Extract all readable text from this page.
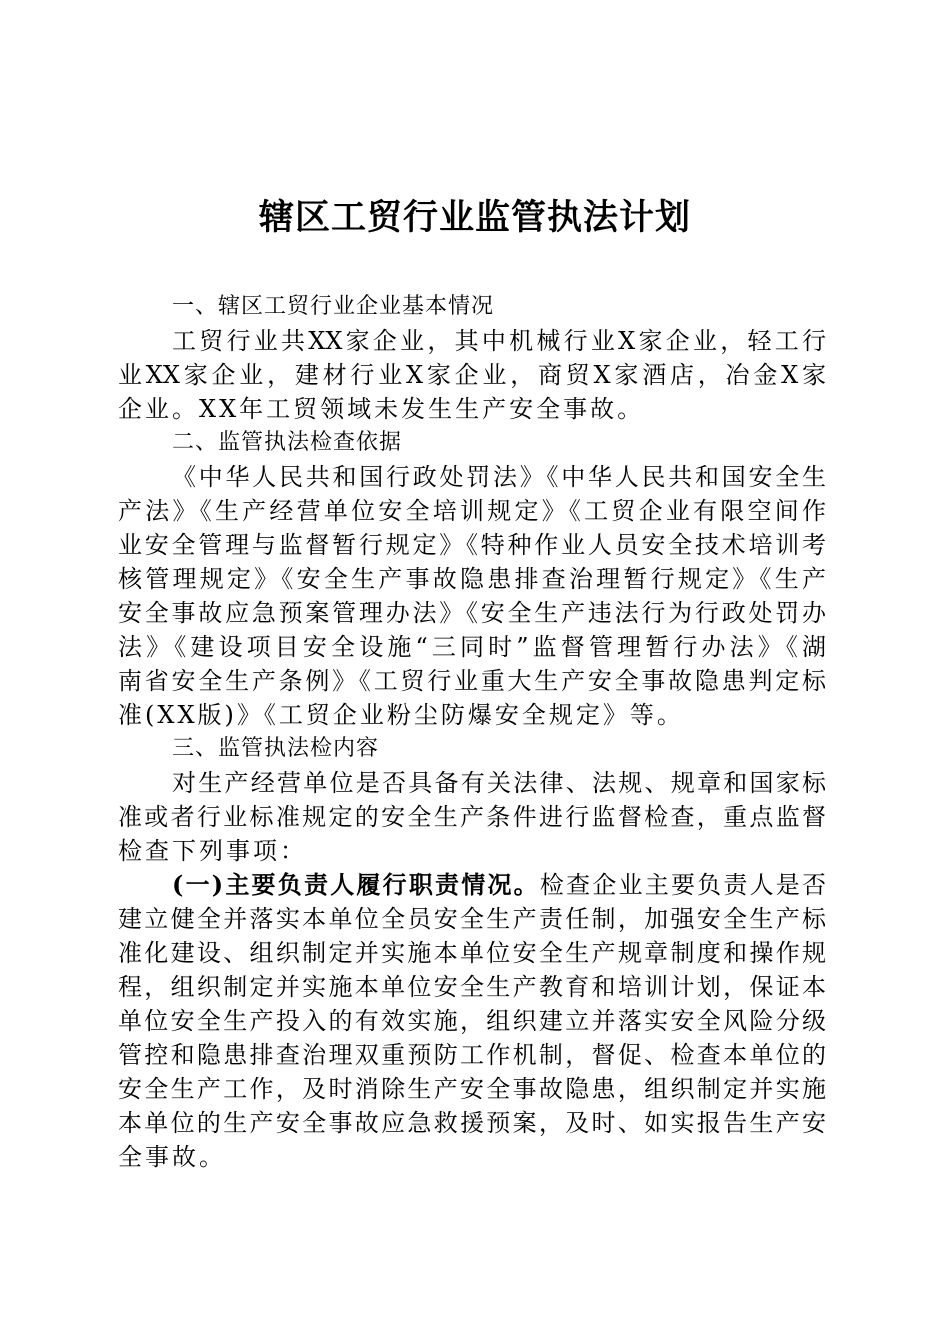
辖区工贸行业监管执法计划
一、辖区工贸行业企业基本情况

工贸行业共XX家企业，其中机械行业X家企业，轻工行

业XX家企业，建材行业X家企业，商贸X家酒店，冶金X家

企业。XX年工贸领域未发生生产安全事故。

二、监管执法检查依据

《中华人民共和国行政处罚法》《中华人民共和国安全生

产法》《生产经营单位安全培训规定》《工贸企业有限空间作

业安全管理与监督暂行规定》《特种作业人员安全技术培训考

核管理规定》《安全生产事故隐患排查治理暂行规定》《生产

安全事故应急预案管理办法》《安全生产违法行为行政处罚办

法》《建设项目安全设施“三同时”监督管理暂行办法》《湖

南省安全生产条例》《工贸行业重大生产安全事故隐患判定标

准(XX版)》《工贸企业粉尘防爆安全规定》等。

三、监管执法检内容

对生产经营单位是否具备有关法律、法规、规章和国家标

准或者行业标准规定的安全生产条件进行监督检查，重点监督

检查下列事项：

(一)主要负责人履行职责情况。检查企业主要负责人是否

建立健全并落实本单位全员安全生产责任制，加强安全生产标

准化建设、组织制定并实施本单位安全生产规章制度和操作规

程，组织制定并实施本单位安全生产教育和培训计划，保证本

单位安全生产投入的有效实施，组织建立并落实安全风险分级

管控和隐患排查治理双重预防工作机制，督促、检查本单位的

安全生产工作，及时消除生产安全事故隐患，组织制定并实施

本单位的生产安全事故应急救援预案，及时、如实报告生产安

全事故。
